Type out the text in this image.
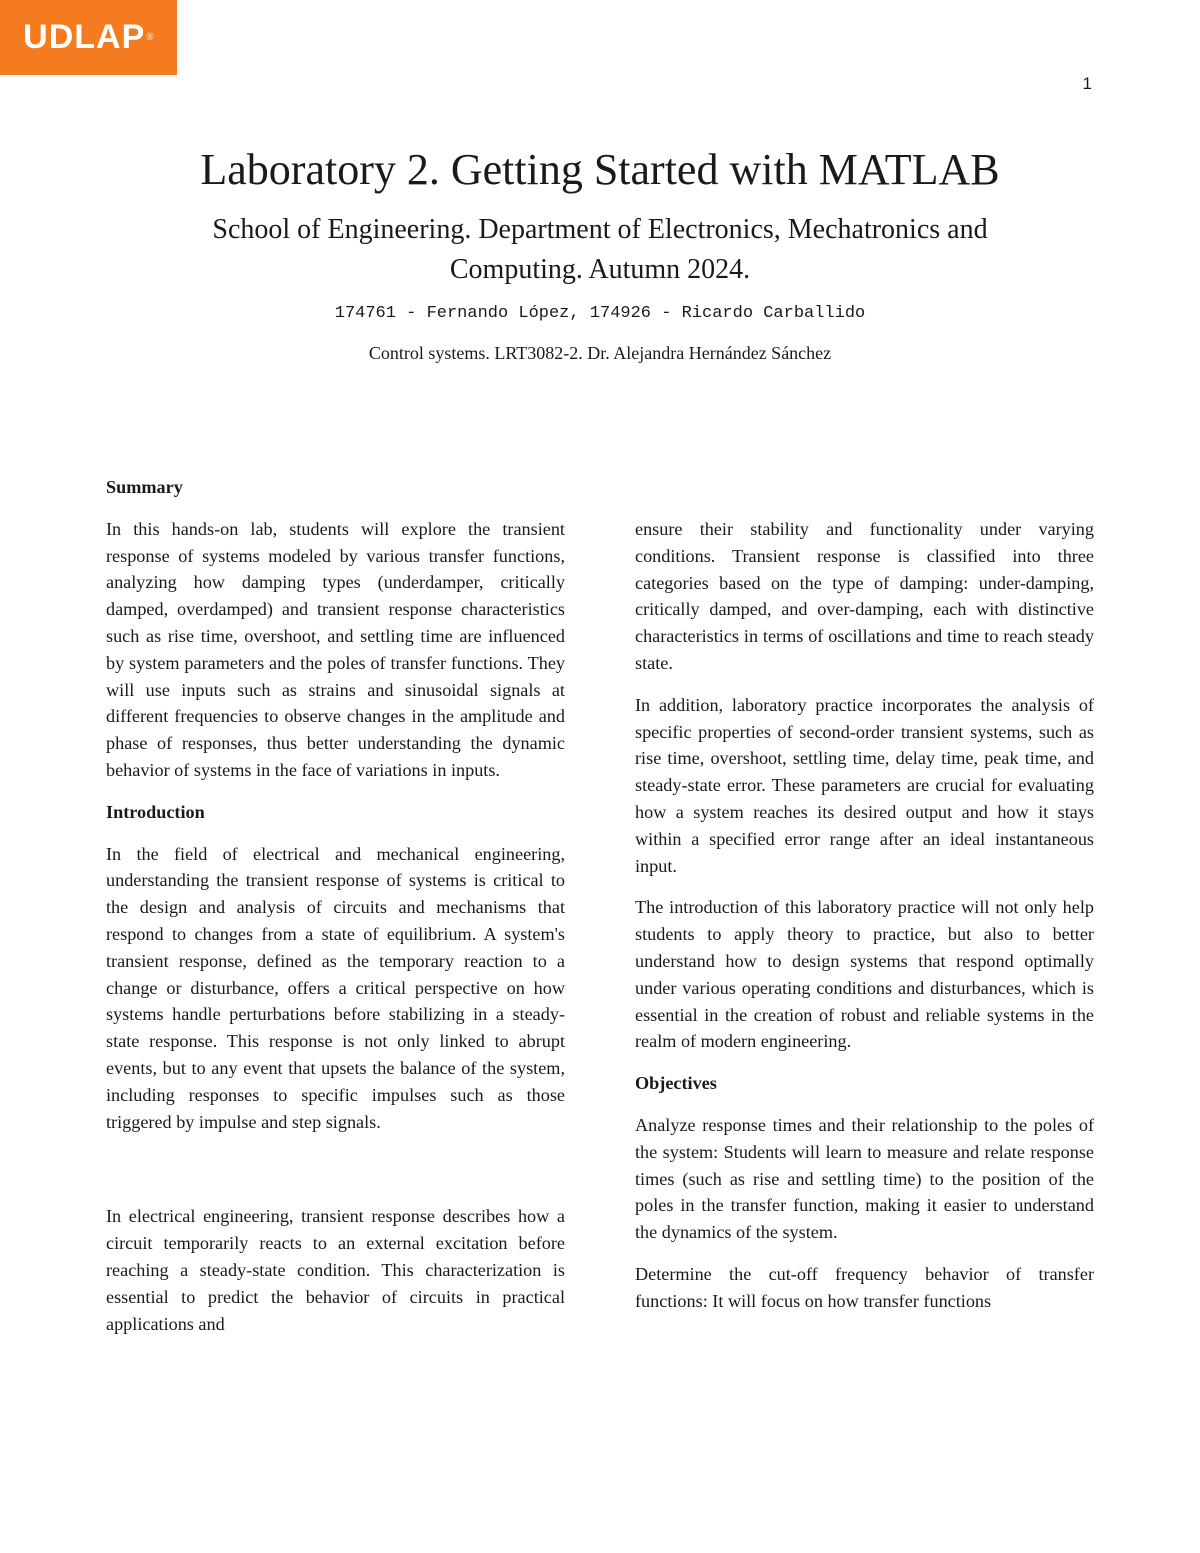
UDLAP ®
1
Laboratory 2. Getting Started with MATLAB
School of Engineering. Department of Electronics, Mechatronics and Computing. Autumn 2024.
174761 - Fernando López, 174926 - Ricardo Carballido
Control systems. LRT3082-2. Dr. Alejandra Hernández Sánchez
Summary

In this hands-on lab, students will explore the transient response of systems modeled by various transfer functions, analyzing how damping types (underdamper, critically damped, overdamped) and transient response characteristics such as rise time, overshoot, and settling time are influenced by system parameters and the poles of transfer functions. They will use inputs such as strains and sinusoidal signals at different frequencies to observe changes in the amplitude and phase of responses, thus better understanding the dynamic behavior of systems in the face of variations in inputs.

Introduction

In the field of electrical and mechanical engineering, understanding the transient response of systems is critical to the design and analysis of circuits and mechanisms that respond to changes from a state of equilibrium. A system's transient response, defined as the temporary reaction to a change or disturbance, offers a critical perspective on how systems handle perturbations before stabilizing in a steady-state response. This response is not only linked to abrupt events, but to any event that upsets the balance of the system, including responses to specific impulses such as those triggered by impulse and step signals.

In electrical engineering, transient response describes how a circuit temporarily reacts to an external excitation before reaching a steady-state condition. This characterization is essential to predict the behavior of circuits in practical applications and

ensure their stability and functionality under varying conditions. Transient response is classified into three categories based on the type of damping: under-damping, critically damped, and over-damping, each with distinctive characteristics in terms of oscillations and time to reach steady state.

In addition, laboratory practice incorporates the analysis of specific properties of second-order transient systems, such as rise time, overshoot, settling time, delay time, peak time, and steady-state error. These parameters are crucial for evaluating how a system reaches its desired output and how it stays within a specified error range after an ideal instantaneous input.

The introduction of this laboratory practice will not only help students to apply theory to practice, but also to better understand how to design systems that respond optimally under various operating conditions and disturbances, which is essential in the creation of robust and reliable systems in the realm of modern engineering.

Objectives

Analyze response times and their relationship to the poles of the system: Students will learn to measure and relate response times (such as rise and settling time) to the position of the poles in the transfer function, making it easier to understand the dynamics of the system.

Determine the cut-off frequency behavior of transfer functions: It will focus on how transfer functions
